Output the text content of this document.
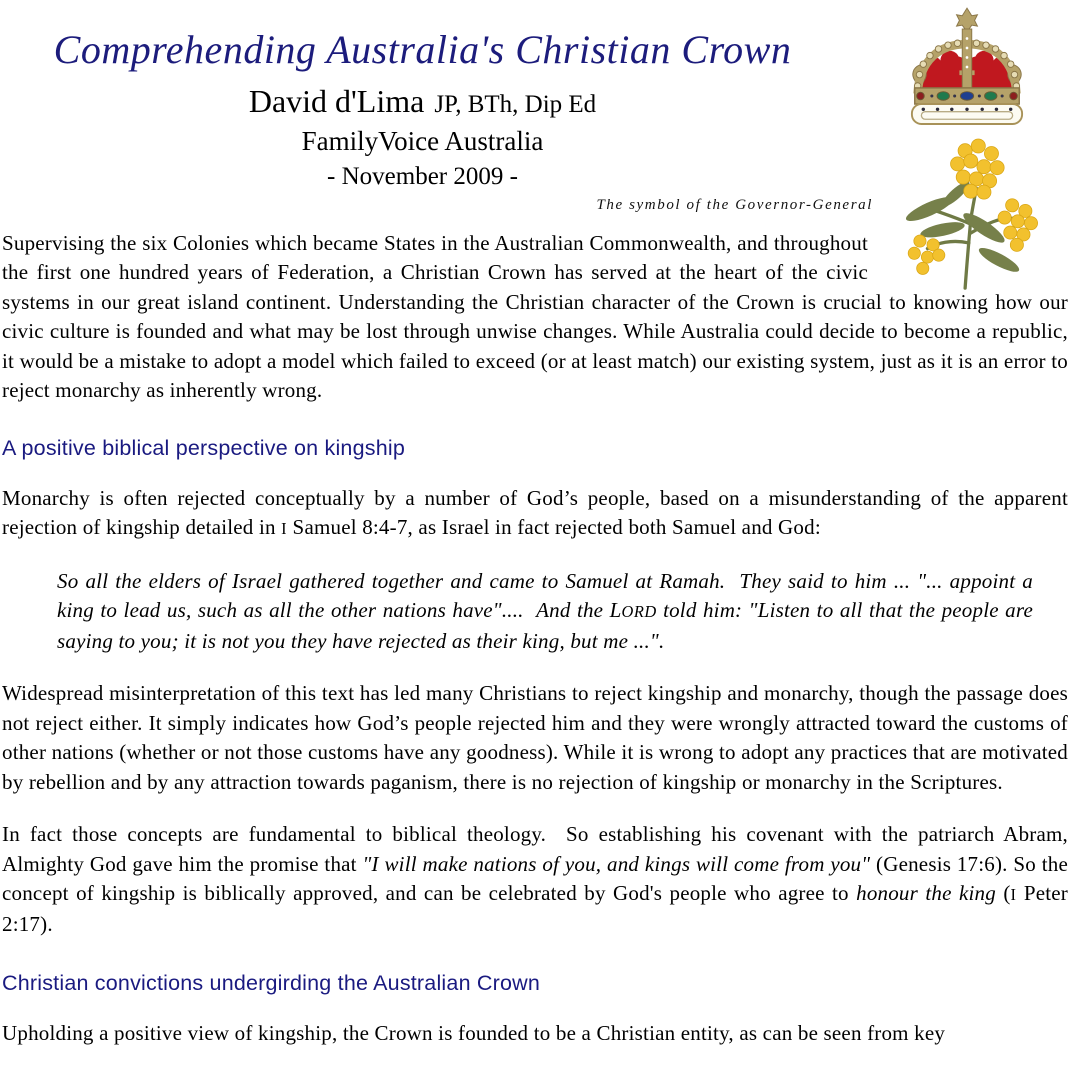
Comprehending Australia's Christian Crown
David d'Lima JP, BTh, Dip Ed
FamilyVoice Australia
- November 2009 -
The symbol of the Governor-General

Supervising the six Colonies which became States in the Australian Commonwealth, and throughout the first one hundred years of Federation, a Christian Crown has served at the heart of the civic systems in our great island continent. Understanding the Christian character of the Crown is crucial to knowing how our civic culture is founded and what may be lost through unwise changes. While Australia could decide to become a republic, it would be a mistake to adopt a model which failed to exceed (or at least match) our existing system, just as it is an error to reject monarchy as inherently wrong.

A positive biblical perspective on kingship

Monarchy is often rejected conceptually by a number of God’s people, based on a misunderstanding of the apparent rejection of kingship detailed in I Samuel 8:4-7, as Israel in fact rejected both Samuel and God:

So all the elders of Israel gathered together and came to Samuel at Ramah.  They said to him ... "... appoint a king to lead us, such as all the other nations have"....  And the LORD told him: "Listen to all that the people are saying to you; it is not you they have rejected as their king, but me ...".

Widespread misinterpretation of this text has led many Christians to reject kingship and monarchy, though the passage does not reject either. It simply indicates how God’s people rejected him and they were wrongly attracted toward the customs of other nations (whether or not those customs have any goodness). While it is wrong to adopt any practices that are motivated by rebellion and by any attraction towards paganism, there is no rejection of kingship or monarchy in the Scriptures.

In fact those concepts are fundamental to biblical theology.  So establishing his covenant with the patriarch Abram, Almighty God gave him the promise that "I will make nations of you, and kings will come from you" (Genesis 17:6). So the concept of kingship is biblically approved, and can be celebrated by God's people who agree to honour the king (I Peter 2:17).

Christian convictions undergirding the Australian Crown

Upholding a positive view of kingship, the Crown is founded to be a Christian entity, as can be seen from key
